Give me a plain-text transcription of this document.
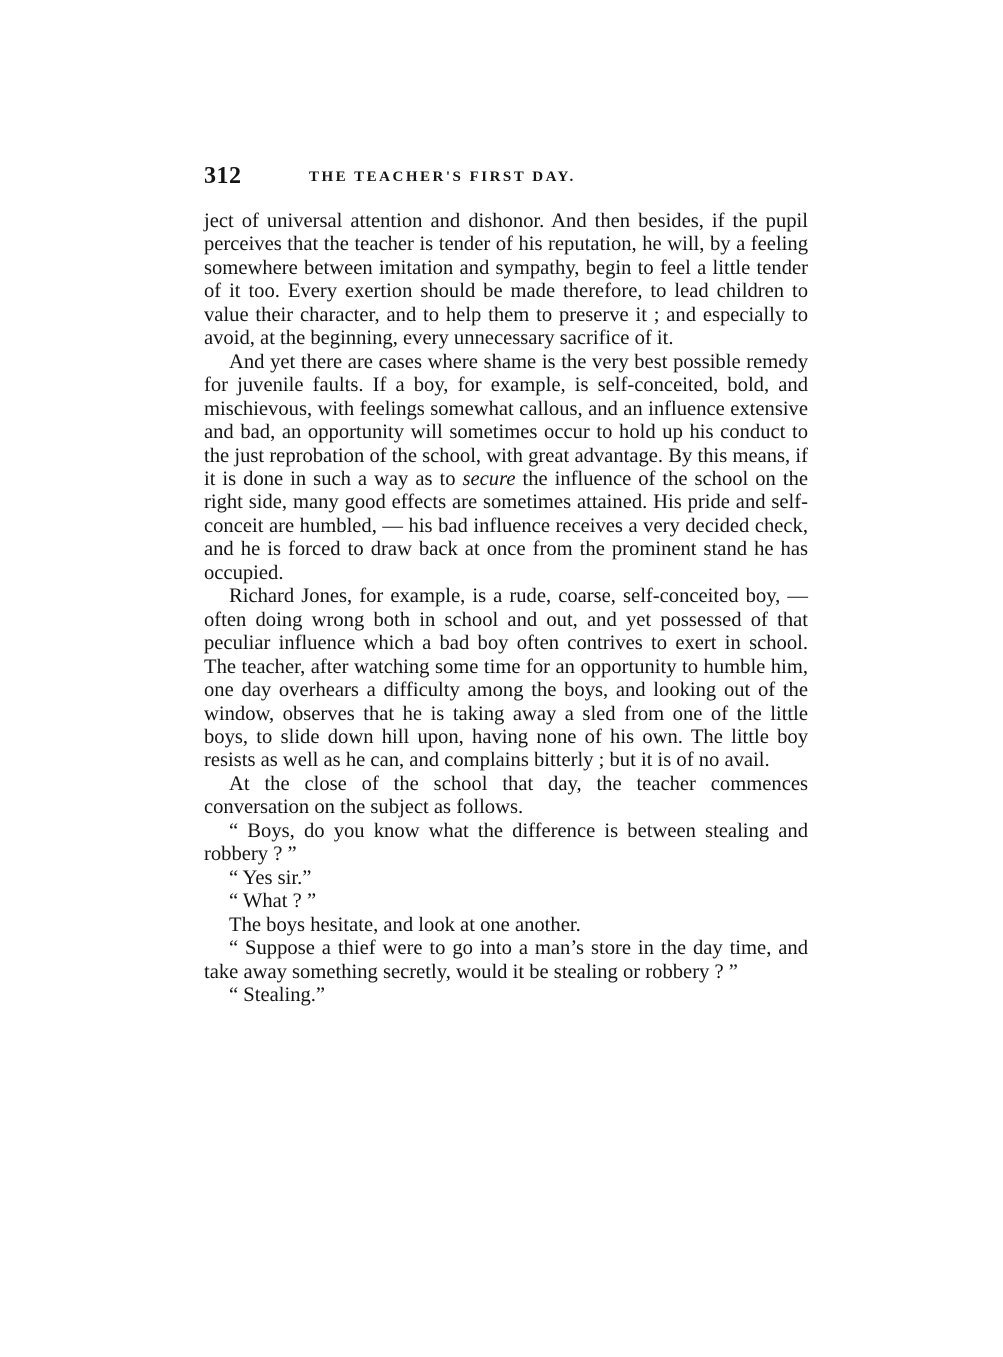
312	THE TEACHER'S FIRST DAY.

ject of universal attention and dishonor. And then besides, if the pupil perceives that the teacher is tender of his reputation, he will, by a feeling somewhere between imitation and sympathy, begin to feel a little tender of it too. Every exertion should be made therefore, to lead children to value their character, and to help them to preserve it ; and especially to avoid, at the beginning, every unnecessary sacrifice of it.

And yet there are cases where shame is the very best possible remedy for juvenile faults. If a boy, for example, is self-conceited, bold, and mischievous, with feelings somewhat callous, and an influence extensive and bad, an opportunity will sometimes occur to hold up his conduct to the just reprobation of the school, with great advantage. By this means, if it is done in such a way as to secure the influence of the school on the right side, many good effects are sometimes attained. His pride and self-conceit are humbled, — his bad influence receives a very decided check, and he is forced to draw back at once from the prominent stand he has occupied.

Richard Jones, for example, is a rude, coarse, self-conceited boy, — often doing wrong both in school and out, and yet possessed of that peculiar influence which a bad boy often contrives to exert in school. The teacher, after watching some time for an opportunity to humble him, one day overhears a difficulty among the boys, and looking out of the window, observes that he is taking away a sled from one of the little boys, to slide down hill upon, having none of his own. The little boy resists as well as he can, and complains bitterly ; but it is of no avail.

At the close of the school that day, the teacher commences conversation on the subject as follows.

“ Boys, do you know what the difference is between stealing and robbery ? ”

“ Yes sir.”

“ What ? ”

The boys hesitate, and look at one another.

“ Suppose a thief were to go into a man’s store in the day time, and take away something secretly, would it be stealing or robbery ? ”

“ Stealing.”
